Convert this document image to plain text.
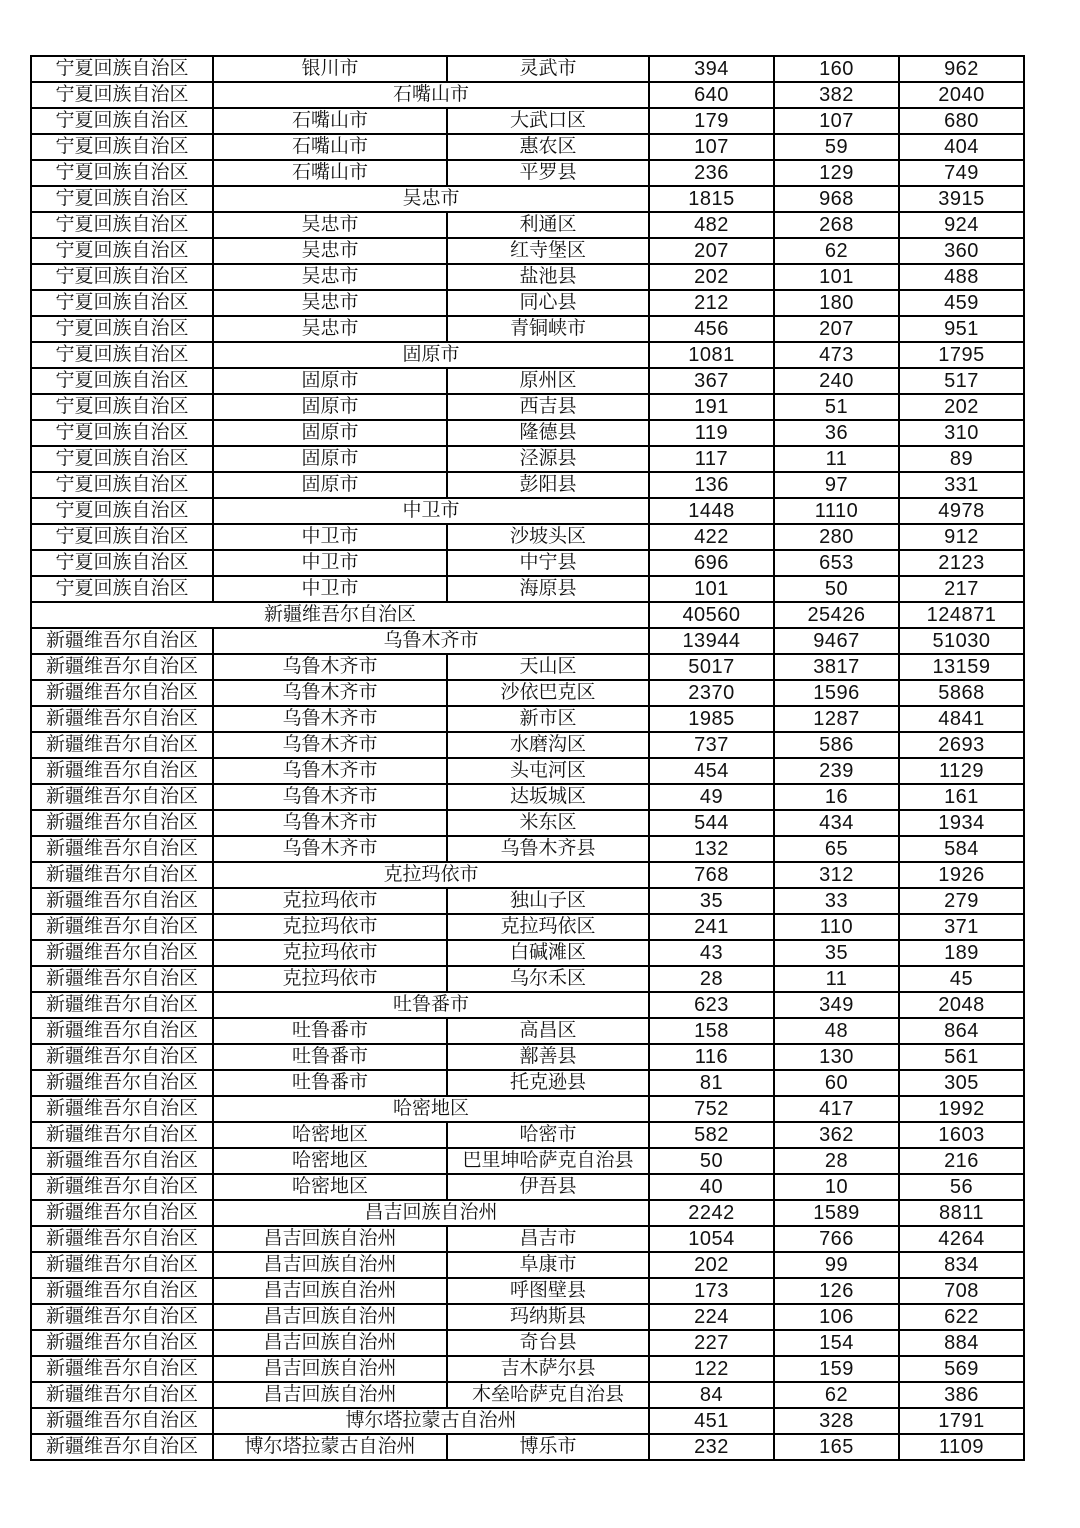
宁夏回族自治区	银川市	灵武市	394	160	962
宁夏回族自治区	石嘴山市		640	382	2040
宁夏回族自治区	石嘴山市	大武口区	179	107	680
宁夏回族自治区	石嘴山市	惠农区	107	59	404
宁夏回族自治区	石嘴山市	平罗县	236	129	749
宁夏回族自治区	吴忠市		1815	968	3915
宁夏回族自治区	吴忠市	利通区	482	268	924
宁夏回族自治区	吴忠市	红寺堡区	207	62	360
宁夏回族自治区	吴忠市	盐池县	202	101	488
宁夏回族自治区	吴忠市	同心县	212	180	459
宁夏回族自治区	吴忠市	青铜峡市	456	207	951
宁夏回族自治区	固原市		1081	473	1795
宁夏回族自治区	固原市	原州区	367	240	517
宁夏回族自治区	固原市	西吉县	191	51	202
宁夏回族自治区	固原市	隆德县	119	36	310
宁夏回族自治区	固原市	泾源县	117	11	89
宁夏回族自治区	固原市	彭阳县	136	97	331
宁夏回族自治区	中卫市		1448	1110	4978
宁夏回族自治区	中卫市	沙坡头区	422	280	912
宁夏回族自治区	中卫市	中宁县	696	653	2123
宁夏回族自治区	中卫市	海原县	101	50	217
新疆维吾尔自治区			40560	25426	124871
新疆维吾尔自治区	乌鲁木齐市		13944	9467	51030
新疆维吾尔自治区	乌鲁木齐市	天山区	5017	3817	13159
新疆维吾尔自治区	乌鲁木齐市	沙依巴克区	2370	1596	5868
新疆维吾尔自治区	乌鲁木齐市	新市区	1985	1287	4841
新疆维吾尔自治区	乌鲁木齐市	水磨沟区	737	586	2693
新疆维吾尔自治区	乌鲁木齐市	头屯河区	454	239	1129
新疆维吾尔自治区	乌鲁木齐市	达坂城区	49	16	161
新疆维吾尔自治区	乌鲁木齐市	米东区	544	434	1934
新疆维吾尔自治区	乌鲁木齐市	乌鲁木齐县	132	65	584
新疆维吾尔自治区	克拉玛依市		768	312	1926
新疆维吾尔自治区	克拉玛依市	独山子区	35	33	279
新疆维吾尔自治区	克拉玛依市	克拉玛依区	241	110	371
新疆维吾尔自治区	克拉玛依市	白碱滩区	43	35	189
新疆维吾尔自治区	克拉玛依市	乌尔禾区	28	11	45
新疆维吾尔自治区	吐鲁番市		623	349	2048
新疆维吾尔自治区	吐鲁番市	高昌区	158	48	864
新疆维吾尔自治区	吐鲁番市	鄯善县	116	130	561
新疆维吾尔自治区	吐鲁番市	托克逊县	81	60	305
新疆维吾尔自治区	哈密地区		752	417	1992
新疆维吾尔自治区	哈密地区	哈密市	582	362	1603
新疆维吾尔自治区	哈密地区	巴里坤哈萨克自治县	50	28	216
新疆维吾尔自治区	哈密地区	伊吾县	40	10	56
新疆维吾尔自治区	昌吉回族自治州		2242	1589	8811
新疆维吾尔自治区	昌吉回族自治州	昌吉市	1054	766	4264
新疆维吾尔自治区	昌吉回族自治州	阜康市	202	99	834
新疆维吾尔自治区	昌吉回族自治州	呼图壁县	173	126	708
新疆维吾尔自治区	昌吉回族自治州	玛纳斯县	224	106	622
新疆维吾尔自治区	昌吉回族自治州	奇台县	227	154	884
新疆维吾尔自治区	昌吉回族自治州	吉木萨尔县	122	159	569
新疆维吾尔自治区	昌吉回族自治州	木垒哈萨克自治县	84	62	386
新疆维吾尔自治区	博尔塔拉蒙古自治州		451	328	1791
新疆维吾尔自治区	博尔塔拉蒙古自治州	博乐市	232	165	1109
